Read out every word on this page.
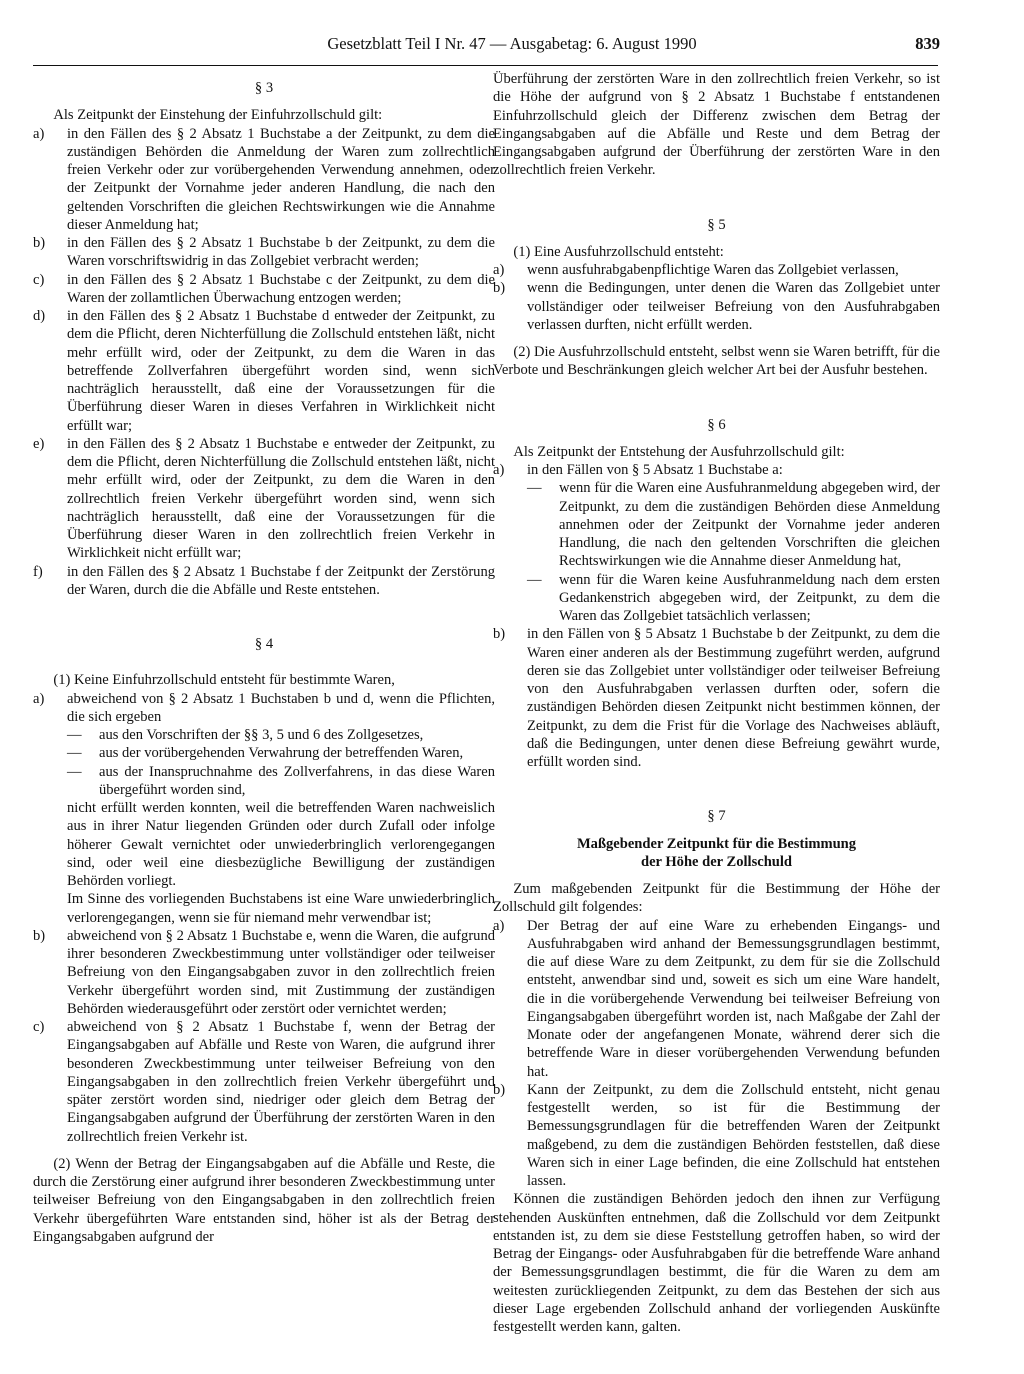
Gesetzblatt Teil I Nr. 47 — Ausgabetag: 6. August 1990	839

§ 3

Als Zeitpunkt der Einstehung der Einfuhrzollschuld gilt:

a)	in den Fällen des § 2 Absatz 1 Buchstabe a der Zeitpunkt, zu dem die zuständigen Behörden die Anmeldung der Waren zum zollrechtlich freien Verkehr oder zur vorübergehenden Verwendung annehmen, oder der Zeitpunkt der Vornahme jeder anderen Handlung, die nach den geltenden Vorschriften die gleichen Rechtswirkungen wie die Annahme dieser Anmeldung hat;
b)	in den Fällen des § 2 Absatz 1 Buchstabe b der Zeitpunkt, zu dem die Waren vorschriftswidrig in das Zollgebiet verbracht werden;
c)	in den Fällen des § 2 Absatz 1 Buchstabe c der Zeitpunkt, zu dem die Waren der zollamtlichen Überwachung entzogen werden;
d)	in den Fällen des § 2 Absatz 1 Buchstabe d entweder der Zeitpunkt, zu dem die Pflicht, deren Nichterfüllung die Zollschuld entstehen läßt, nicht mehr erfüllt wird, oder der Zeitpunkt, zu dem die Waren in das betreffende Zollverfahren übergeführt worden sind, wenn sich nachträglich herausstellt, daß eine der Voraussetzungen für die Überführung dieser Waren in dieses Verfahren in Wirklichkeit nicht erfüllt war;
e)	in den Fällen des § 2 Absatz 1 Buchstabe e entweder der Zeitpunkt, zu dem die Pflicht, deren Nichterfüllung die Zollschuld entstehen läßt, nicht mehr erfüllt wird, oder der Zeitpunkt, zu dem die Waren in den zollrechtlich freien Verkehr übergeführt worden sind, wenn sich nachträglich herausstellt, daß eine der Voraussetzungen für die Überführung dieser Waren in den zollrechtlich freien Verkehr in Wirklichkeit nicht erfüllt war;
f)	in den Fällen des § 2 Absatz 1 Buchstabe f der Zeitpunkt der Zerstörung der Waren, durch die die Abfälle und Reste entstehen.

§ 4

(1) Keine Einfuhrzollschuld entsteht für bestimmte Waren,

a)	abweichend von § 2 Absatz 1 Buchstaben b und d, wenn die Pflichten, die sich ergeben

—	aus den Vorschriften der §§ 3, 5 und 6 des Zollgesetzes,
—	aus der vorübergehenden Verwahrung der betreffenden Waren,
—	aus der Inanspruchnahme des Zollverfahrens, in das diese Waren übergeführt worden sind,

nicht erfüllt werden konnten, weil die betreffenden Waren nachweislich aus in ihrer Natur liegenden Gründen oder durch Zufall oder infolge höherer Gewalt vernichtet oder unwiederbringlich verlorengegangen sind, oder weil eine diesbezügliche Bewilligung der zuständigen Behörden vorliegt.

Im Sinne des vorliegenden Buchstabens ist eine Ware unwiederbringlich verlorengegangen, wenn sie für niemand mehr verwendbar ist;

b)	abweichend von § 2 Absatz 1 Buchstabe e, wenn die Waren, die aufgrund ihrer besonderen Zweckbestimmung unter vollständiger oder teilweiser Befreiung von den Eingangsabgaben zuvor in den zollrechtlich freien Verkehr übergeführt worden sind, mit Zustimmung der zuständigen Behörden wiederausgeführt oder zerstört oder vernichtet werden;
c)	abweichend von § 2 Absatz 1 Buchstabe f, wenn der Betrag der Eingangsabgaben auf Abfälle und Reste von Waren, die aufgrund ihrer besonderen Zweckbestimmung unter teilweiser Befreiung von den Eingangsabgaben in den zollrechtlich freien Verkehr übergeführt und später zerstört worden sind, niedriger oder gleich dem Betrag der Eingangsabgaben aufgrund der Überführung der zerstörten Waren in den zollrechtlich freien Verkehr ist.

(2) Wenn der Betrag der Eingangsabgaben auf die Abfälle und Reste, die durch die Zerstörung einer aufgrund ihrer besonderen Zweckbestimmung unter teilweiser Befreiung von den Eingangsabgaben in den zollrechtlich freien Verkehr übergeführten Ware entstanden sind, höher ist als der Betrag der Eingangsabgaben aufgrund der

Überführung der zerstörten Ware in den zollrechtlich freien Verkehr, so ist die Höhe der aufgrund von § 2 Absatz 1 Buchstabe f entstandenen Einfuhrzollschuld gleich der Differenz zwischen dem Betrag der Eingangsabgaben auf die Abfälle und Reste und dem Betrag der Eingangsabgaben aufgrund der Überführung der zerstörten Ware in den zollrechtlich freien Verkehr.

§ 5

(1) Eine Ausfuhrzollschuld entsteht:

a)	wenn ausfuhrabgabenpflichtige Waren das Zollgebiet verlassen,
b)	wenn die Bedingungen, unter denen die Waren das Zollgebiet unter vollständiger oder teilweiser Befreiung von den Ausfuhrabgaben verlassen durften, nicht erfüllt werden.

(2) Die Ausfuhrzollschuld entsteht, selbst wenn sie Waren betrifft, für die Verbote und Beschränkungen gleich welcher Art bei der Ausfuhr bestehen.

§ 6

Als Zeitpunkt der Entstehung der Ausfuhrzollschuld gilt:

a)	in den Fällen von § 5 Absatz 1 Buchstabe a:

—	wenn für die Waren eine Ausfuhranmeldung abgegeben wird, der Zeitpunkt, zu dem die zuständigen Behörden diese Anmeldung annehmen oder der Zeitpunkt der Vornahme jeder anderen Handlung, die nach den geltenden Vorschriften die gleichen Rechtswirkungen wie die Annahme dieser Anmeldung hat,
—	wenn für die Waren keine Ausfuhranmeldung nach dem ersten Gedankenstrich abgegeben wird, der Zeitpunkt, zu dem die Waren das Zollgebiet tatsächlich verlassen;
b)	in den Fällen von § 5 Absatz 1 Buchstabe b der Zeitpunkt, zu dem die Waren einer anderen als der Bestimmung zugeführt werden, aufgrund deren sie das Zollgebiet unter vollständiger oder teilweiser Befreiung von den Ausfuhrabgaben verlassen durften oder, sofern die zuständigen Behörden diesen Zeitpunkt nicht bestimmen können, der Zeitpunkt, zu dem die Frist für die Vorlage des Nachweises abläuft, daß die Bedingungen, unter denen diese Befreiung gewährt wurde, erfüllt worden sind.

§ 7

Maßgebender Zeitpunkt für die Bestimmung

der Höhe der Zollschuld

Zum maßgebenden Zeitpunkt für die Bestimmung der Höhe der Zollschuld gilt folgendes:

a)	Der Betrag der auf eine Ware zu erhebenden Eingangs- und Ausfuhrabgaben wird anhand der Bemessungsgrundlagen bestimmt, die auf diese Ware zu dem Zeitpunkt, zu dem für sie die Zollschuld entsteht, anwendbar sind und, soweit es sich um eine Ware handelt, die in die vorübergehende Verwendung bei teilweiser Befreiung von Eingangsabgaben übergeführt worden ist, nach Maßgabe der Zahl der Monate oder der angefangenen Monate, während derer sich die betreffende Ware in dieser vorübergehenden Verwendung befunden hat.
b)	Kann der Zeitpunkt, zu dem die Zollschuld entsteht, nicht genau festgestellt werden, so ist für die Bestimmung der Bemessungsgrundlagen für die betreffenden Waren der Zeitpunkt maßgebend, zu dem die zuständigen Behörden feststellen, daß diese Waren sich in einer Lage befinden, die eine Zollschuld hat entstehen lassen.

Können die zuständigen Behörden jedoch den ihnen zur Verfügung stehenden Auskünften entnehmen, daß die Zollschuld vor dem Zeitpunkt entstanden ist, zu dem sie diese Feststellung getroffen haben, so wird der Betrag der Eingangs- oder Ausfuhrabgaben für die betreffende Ware anhand der Bemessungsgrundlagen bestimmt, die für die Waren zu dem am weitesten zurückliegenden Zeitpunkt, zu dem das Bestehen der sich aus dieser Lage ergebenden Zollschuld anhand der vorliegenden Auskünfte festgestellt werden kann, galten.
